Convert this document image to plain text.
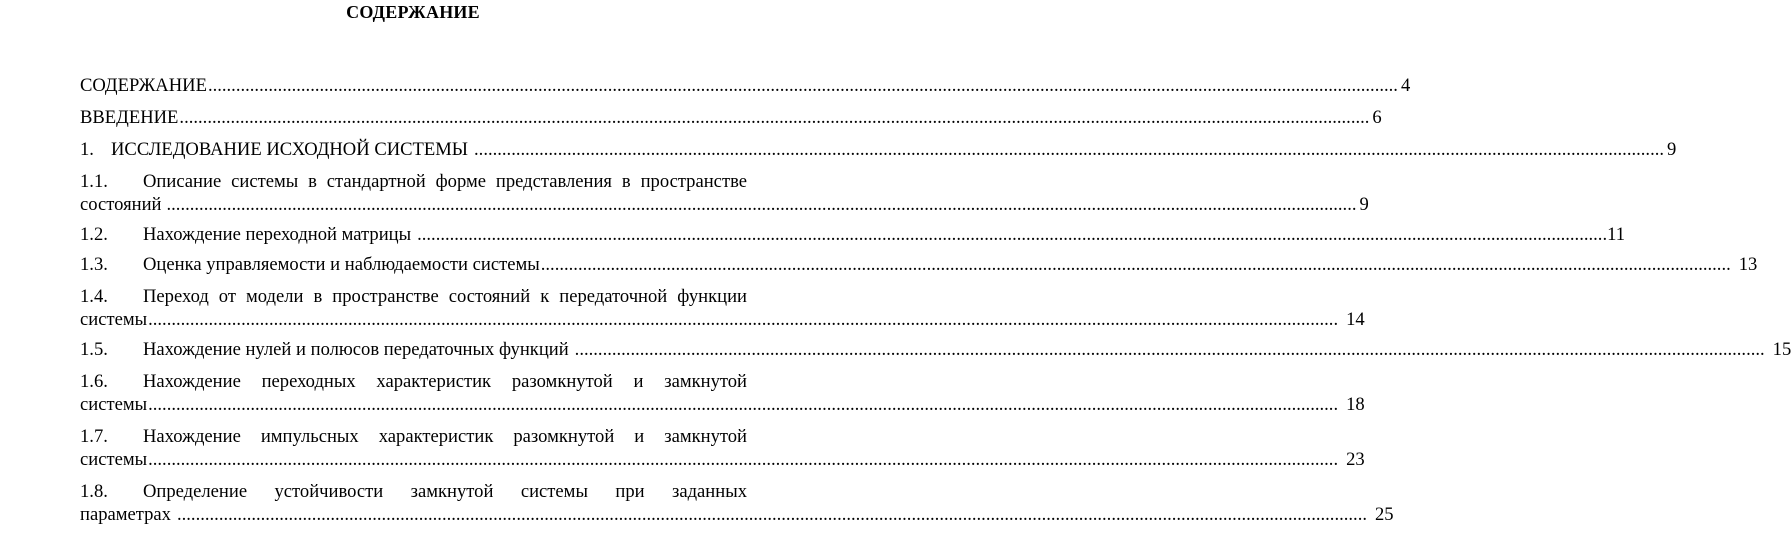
СОДЕРЖАНИЕ
СОДЕРЖАНИЕ .....	4
ВВЕДЕНИЕ .....	6
1. ИССЛЕДОВАНИЕ ИСХОДНОЙ СИСТЕМЫ .....	9
1.1.	Описание системы в стандартной форме представления в пространстве
состояний .....	9
1.2.	Нахождение переходной матрицы .....	11
1.3.	Оценка управляемости и наблюдаемости системы .....	13
1.4.	Переход от модели в пространстве состояний к передаточной функции
системы .....	14
1.5.	Нахождение нулей и полюсов передаточных функций .....	15
1.6.	Нахождение переходных характеристик разомкнутой и замкнутой
системы .....	18
1.7.	Нахождение импульсных характеристик разомкнутой и замкнутой
системы .....	23
1.8.	Определение устойчивости замкнутой системы при заданных
параметрах .....	25
